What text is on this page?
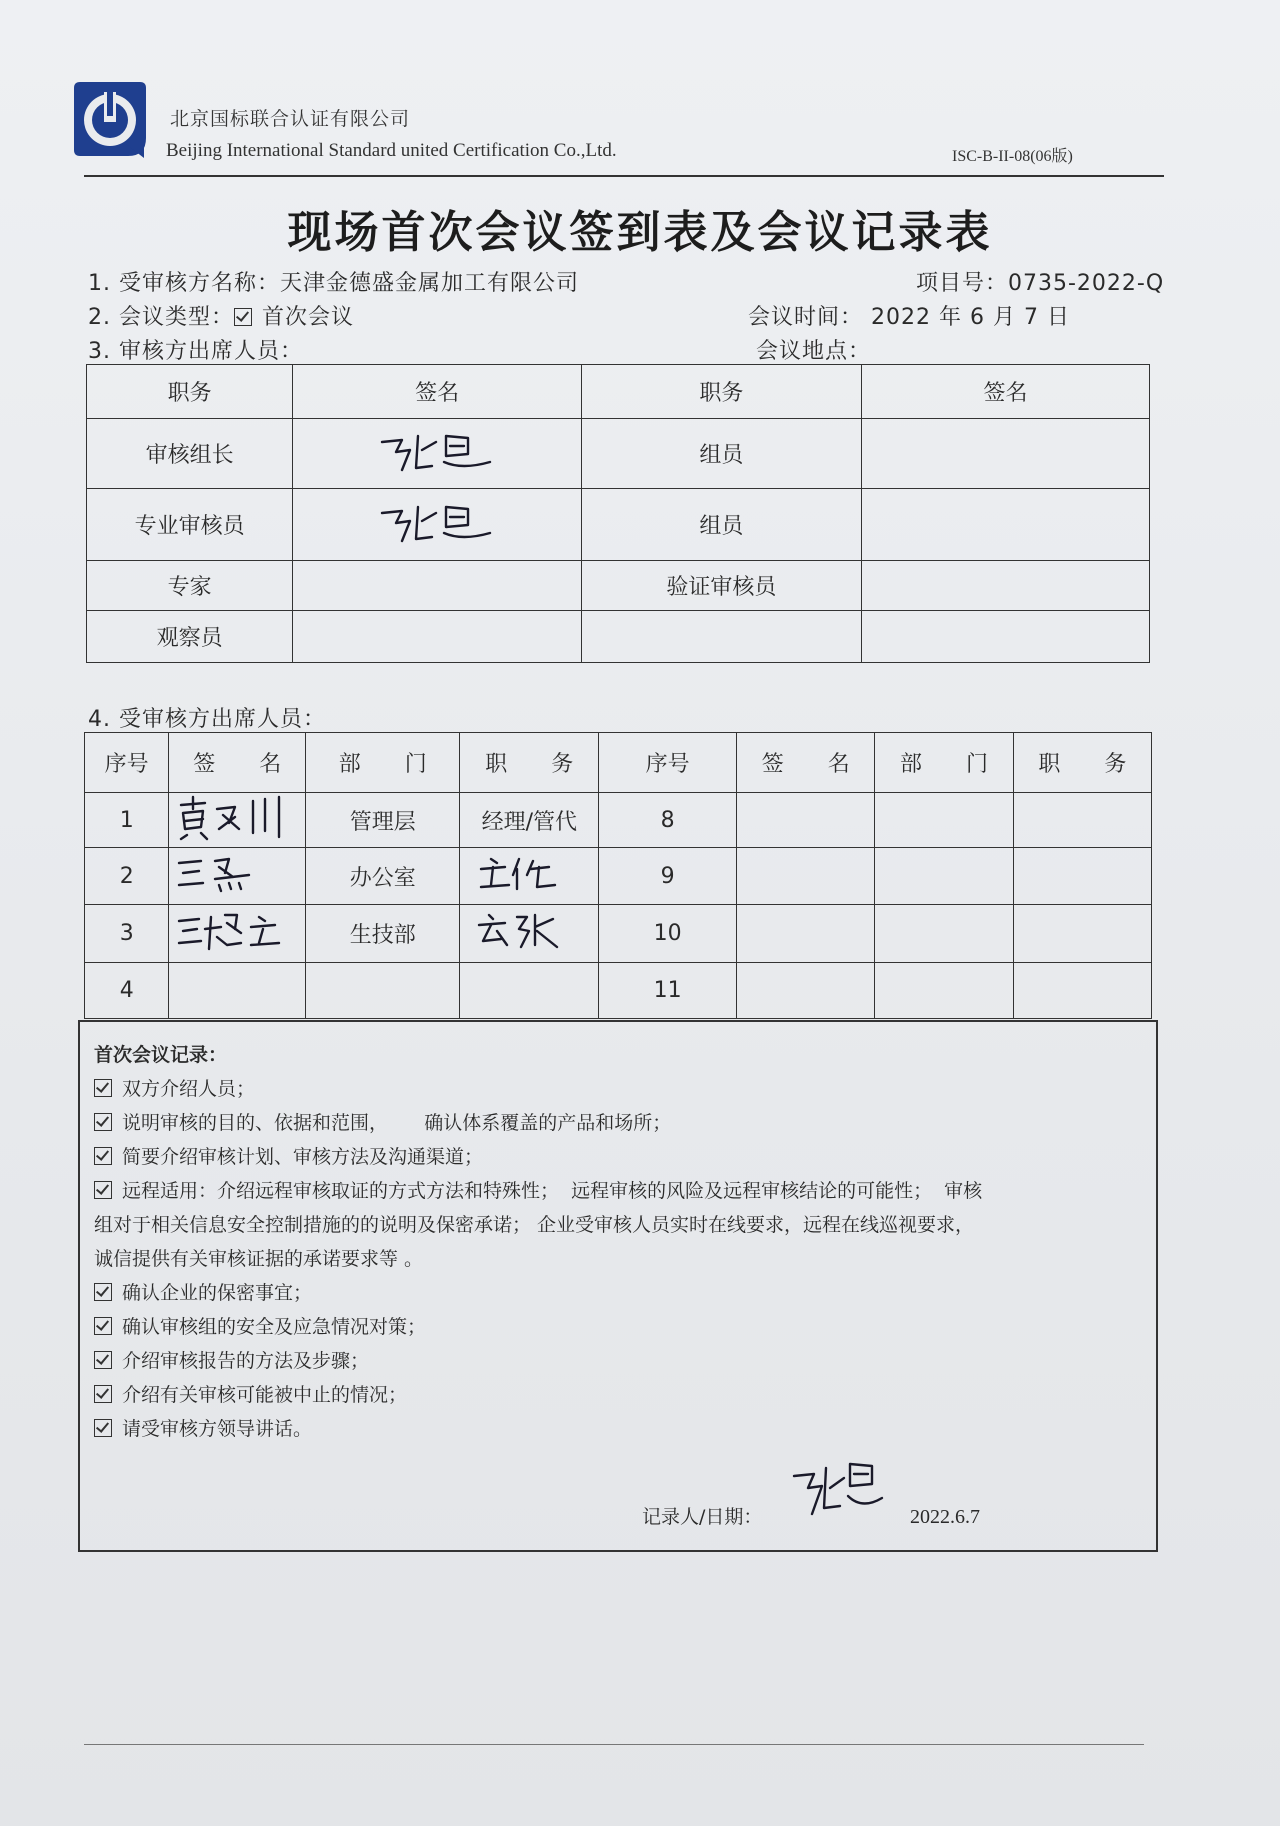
北京国标联合认证有限公司
Beijing International Standard united Certification Co.,Ltd.	ISC-B-II-08(06版)
现场首次会议签到表及会议记录表
1. 受审核方名称：天津金德盛金属加工有限公司	项目号：0735-2022-Q
2. 会议类型： 首次会议	会议时间： 2022 年 6 月 7 日
3. 审核方出席人员：	会议地点：
职务	签名	职务	签名
审核组长		组员	
专业审核员		组员	
专家		验证审核员	
观察员			
4. 受审核方出席人员：
序号	签　　名	部　　门	职　　务	序号	签　　名	部　　门	职　　务
1		管理层	经理/管代	8			
2		办公室		9			
3		生技部		10			
4				11			
首次会议记录：
双方介绍人员；
说明审核的目的、依据和范围，      确认体系覆盖的产品和场所；
简要介绍审核计划、审核方法及沟通渠道；
远程适用：介绍远程审核取证的方式方法和特殊性；  远程审核的风险及远程审核结论的可能性；  审核
组对于相关信息安全控制措施的的说明及保密承诺； 企业受审核人员实时在线要求，远程在线巡视要求，
诚信提供有关审核证据的承诺要求等 。
确认企业的保密事宜；
确认审核组的安全及应急情况对策；
介绍审核报告的方法及步骤；
介绍有关审核可能被中止的情况；
请受审核方领导讲话。
记录人/日期：	2022.6.7
